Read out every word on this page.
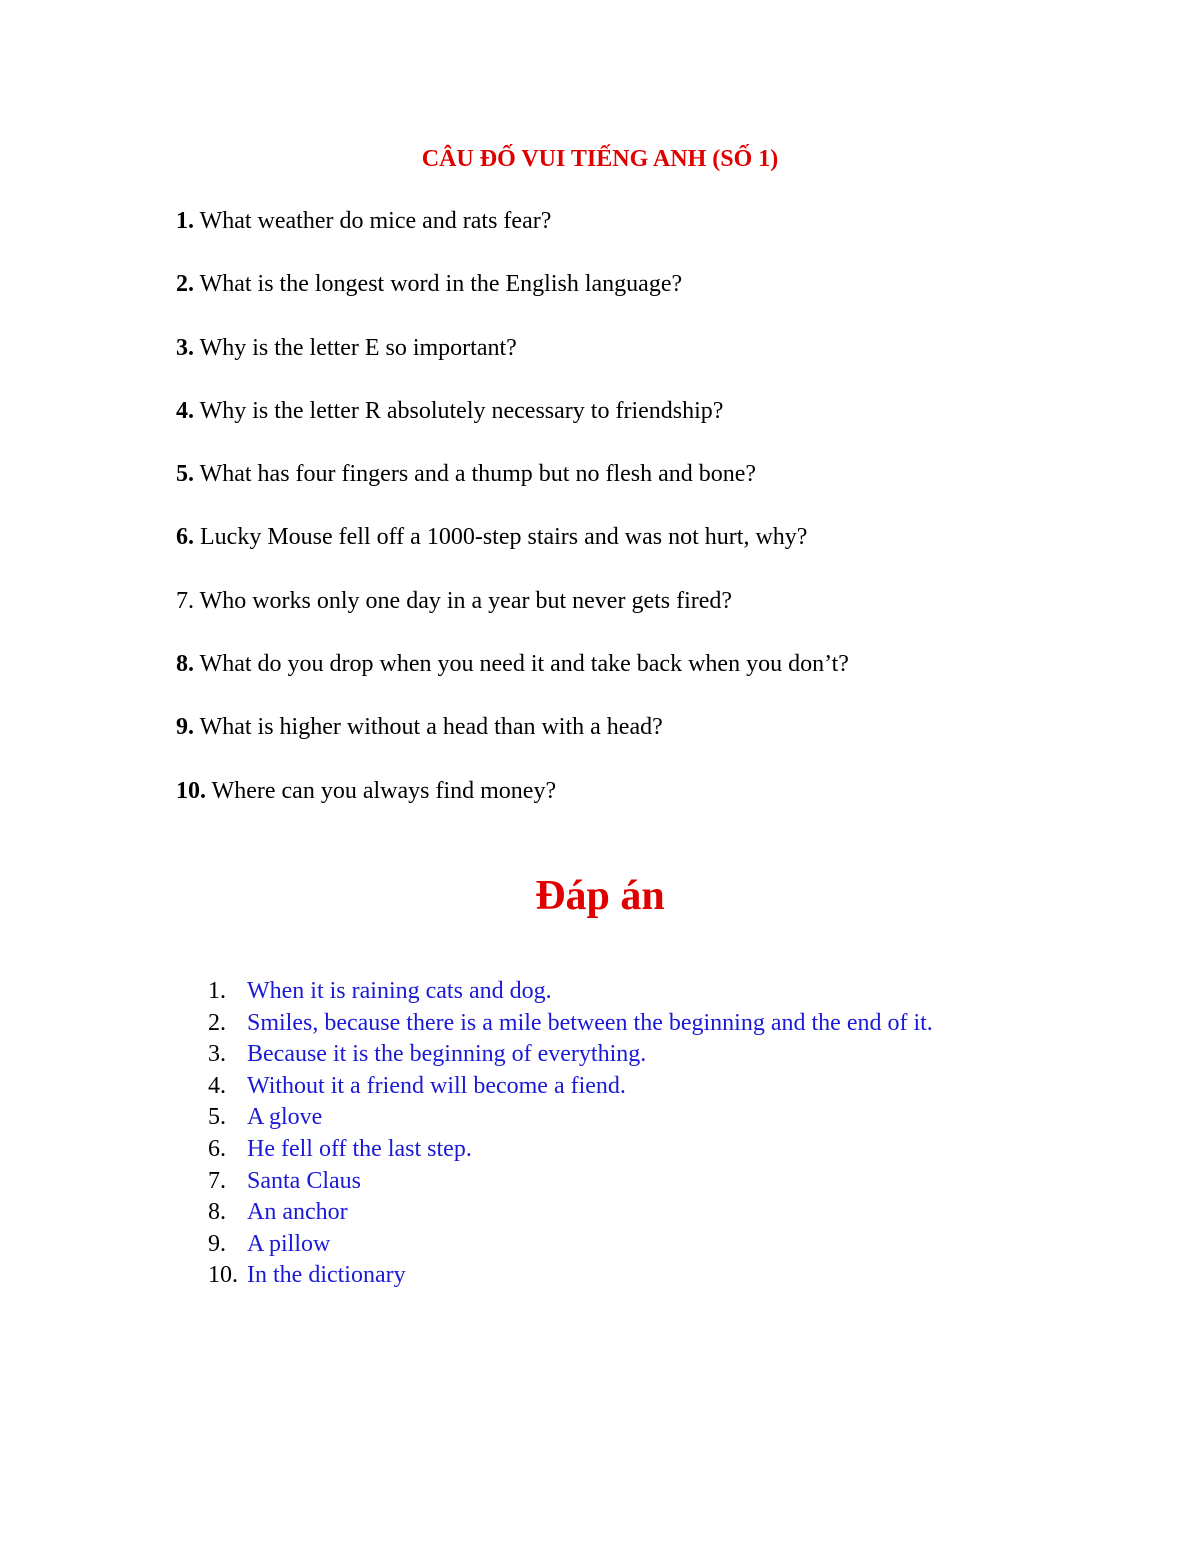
CÂU ĐỐ VUI TIẾNG ANH (SỐ 1)
1. What weather do mice and rats fear?
2. What is the longest word in the English language?
3. Why is the letter E so important?
4. Why is the letter R absolutely necessary to friendship?
5. What has four fingers and a thump but no flesh and bone?
6. Lucky Mouse fell off a 1000-step stairs and was not hurt, why?
7. Who works only one day in a year but never gets fired?
8. What do you drop when you need it and take back when you don’t?
9. What is higher without a head than with a head?
10. Where can you always find money?
Đáp án
1. When it is raining cats and dog.
2. Smiles, because there is a mile between the beginning and the end of it.
3. Because it is the beginning of everything.
4. Without it a friend will become a fiend.
5. A glove
6. He fell off the last step.
7. Santa Claus
8. An anchor
9. A pillow
10. In the dictionary
